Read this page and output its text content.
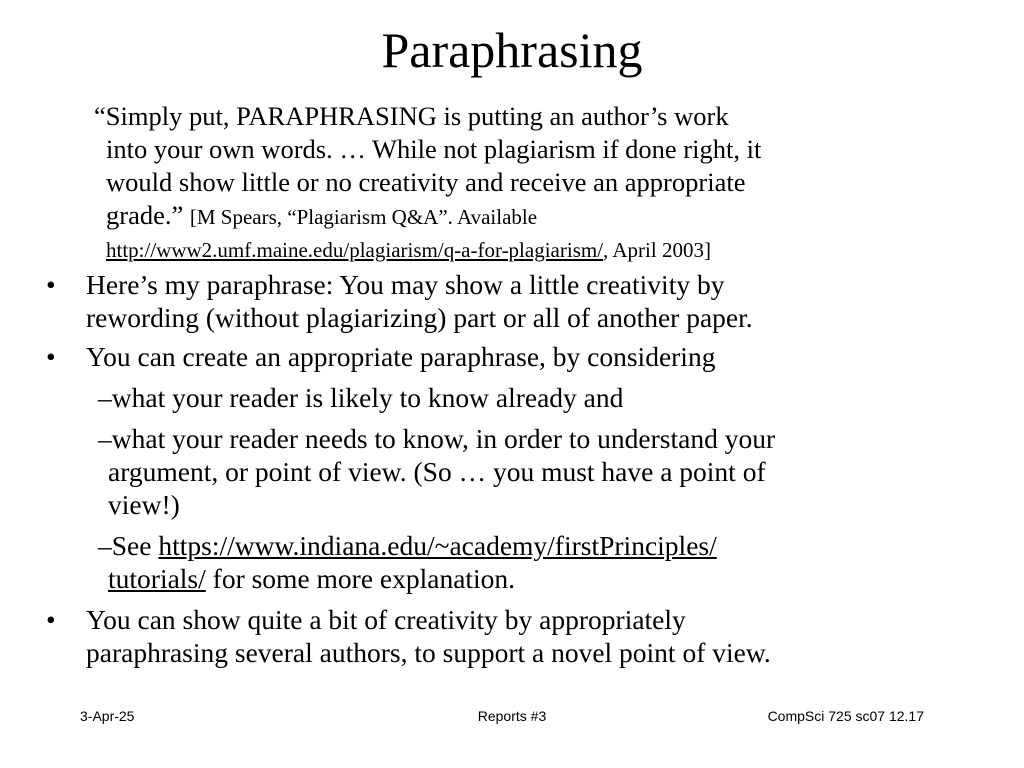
Paraphrasing
“Simply put, PARAPHRASING is putting an author’s work
into your own words. … While not plagiarism if done right, it
would show little or no creativity and receive an appropriate
grade.” [M Spears, “Plagiarism Q&A”. Available
http://www2.umf.maine.edu/plagiarism/q-a-for-plagiarism/, April 2003]
• Here’s my paraphrase: You may show a little creativity by
rewording (without plagiarizing) part or all of another paper.
• You can create an appropriate paraphrase, by considering
–what your reader is likely to know already and
–what your reader needs to know, in order to understand your
argument, or point of view. (So … you must have a point of
view!)
–See https://www.indiana.edu/~academy/firstPrinciples/
tutorials/ for some more explanation.
• You can show quite a bit of creativity by appropriately
paraphrasing several authors, to support a novel point of view.
3-Apr-25	Reports #3	CompSci 725 sc07 12.17
